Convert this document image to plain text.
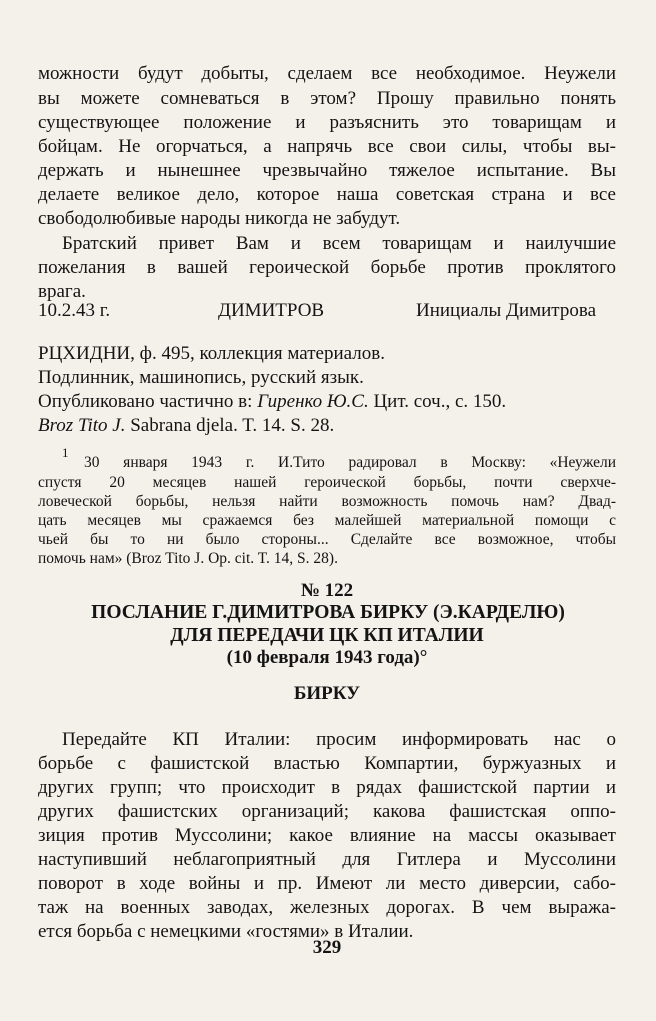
можности будут добыты, сделаем все необходимое. Неужели
вы можете сомневаться в этом? Прошу правильно понять
существующее положение и разъяснить это товарищам и
бойцам. Не огорчаться, а напрячь все свои силы, чтобы вы-
держать и нынешнее чрезвычайно тяжелое испытание. Вы
делаете великое дело, которое наша советская страна и все
свободолюбивые народы никогда не забудут.
Братский привет Вам и всем товарищам и наилучшие
пожелания в вашей героической борьбе против проклятого
врага.
10.2.43 г.	ДИМИТРОВ	Инициалы Димитрова
РЦХИДНИ, ф. 495, коллекция материалов.
Подлинник, машинопись, русский язык.
Опубликовано частично в: Гиренко Ю.С. Цит. соч., с. 150.
Broz Tito J. Sabrana djela. T. 14. S. 28.
$^1$
30 января 1943 г. И.Тито радировал в Москву: «Неужели
спустя 20 месяцев нашей героической борьбы, почти сверхче-
ловеческой борьбы, нельзя найти возможность помочь нам? Двад-
цать месяцев мы сражаемся без малейшей материальной помощи с
чьей бы то ни было стороны... Сделайте все возможное, чтобы
помочь нам» (Broz Tito J. Op. cit. T. 14, S. 28).
№ 122
ПОСЛАНИЕ Г.ДИМИТРОВА БИРКУ (Э.КАРДЕЛЮ)
ДЛЯ ПЕРЕДАЧИ ЦК КП ИТАЛИИ
(10 февраля 1943 года)°
БИРКУ
Передайте КП Италии: просим информировать нас о
борьбе с фашистской властью Компартии, буржуазных и
других групп; что происходит в рядах фашистской партии и
других фашистских организаций; какова фашистская оппо-
зиция против Муссолини; какое влияние на массы оказывает
наступивший неблагоприятный для Гитлера и Муссолини
поворот в ходе войны и пр. Имеют ли место диверсии, сабо-
таж на военных заводах, железных дорогах. В чем выража-
ется борьба с немецкими «гостями» в Италии.
329
